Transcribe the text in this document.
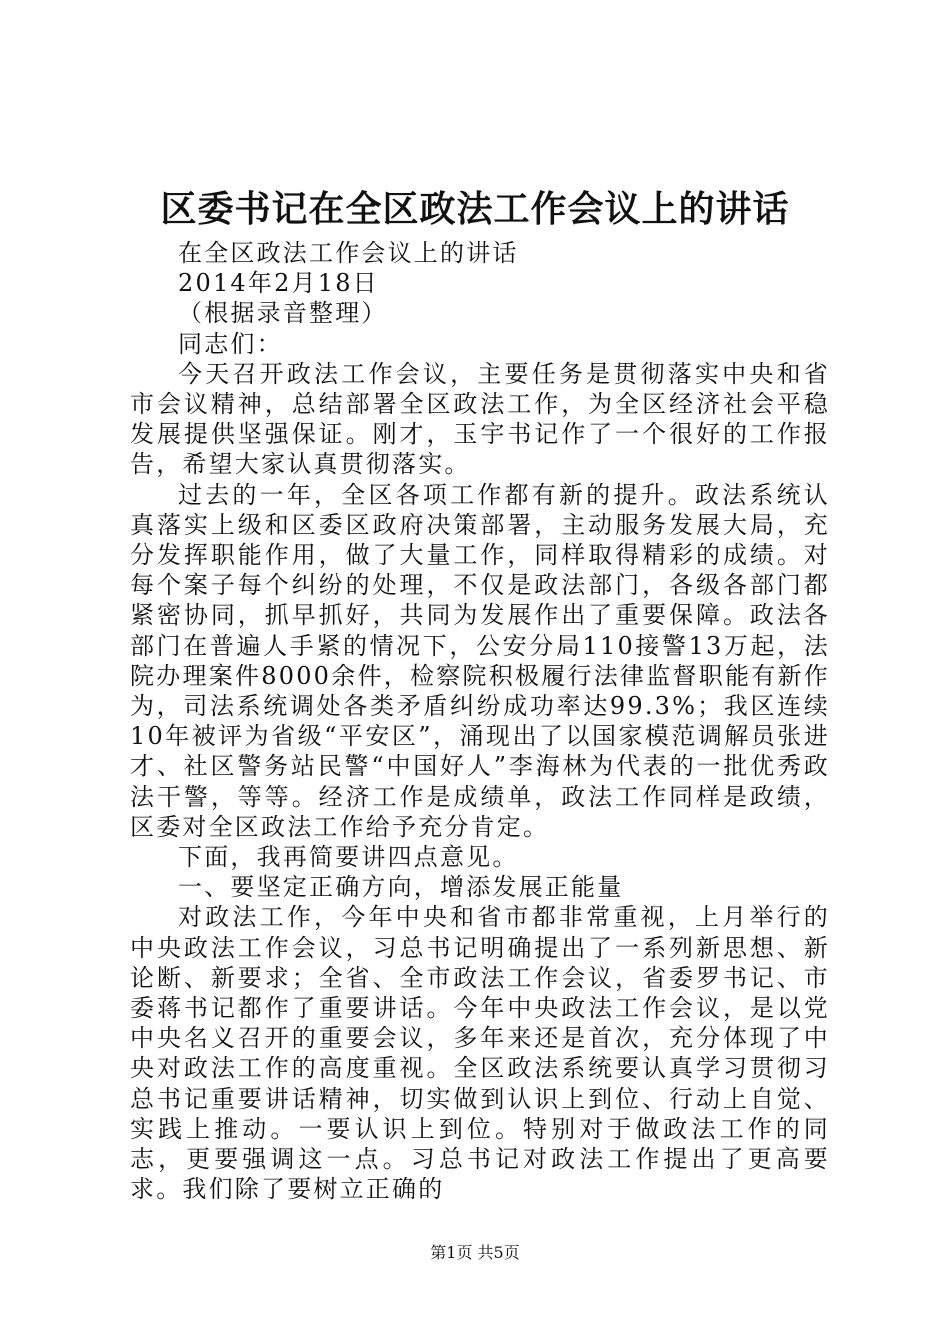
区委书记在全区政法工作会议上的讲话

在全区政法工作会议上的讲话

2014年2月18日

（根据录音整理）

同志们：

今天召开政法工作会议，主要任务是贯彻落实中央和省市会议精神，总结部署全区政法工作，为全区经济社会平稳发展提供坚强保证。刚才，玉宇书记作了一个很好的工作报告，希望大家认真贯彻落实。

过去的一年，全区各项工作都有新的提升。政法系统认真落实上级和区委区政府决策部署，主动服务发展大局，充分发挥职能作用，做了大量工作，同样取得精彩的成绩。对每个案子每个纠纷的处理，不仅是政法部门，各级各部门都紧密协同，抓早抓好，共同为发展作出了重要保障。政法各部门在普遍人手紧的情况下，公安分局110接警13万起，法院办理案件8000余件，检察院积极履行法律监督职能有新作为，司法系统调处各类矛盾纠纷成功率达99.3%；我区连续10年被评为省级“平安区”，涌现出了以国家模范调解员张进才、社区警务站民警“中国好人”李海林为代表的一批优秀政法干警，等等。经济工作是成绩单，政法工作同样是政绩，区委对全区政法工作给予充分肯定。

下面，我再简要讲四点意见。

一、要坚定正确方向，增添发展正能量

对政法工作，今年中央和省市都非常重视，上月举行的中央政法工作会议，习总书记明确提出了一系列新思想、新论断、新要求；全省、全市政法工作会议，省委罗书记、市委蒋书记都作了重要讲话。今年中央政法工作会议，是以党中央名义召开的重要会议，多年来还是首次，充分体现了中央对政法工作的高度重视。全区政法系统要认真学习贯彻习总书记重要讲话精神，切实做到认识上到位、行动上自觉、实践上推动。一要认识上到位。特别对于做政法工作的同志，更要强调这一点。习总书记对政法工作提出了更高要求。我们除了要树立正确的

第1页 共5页
